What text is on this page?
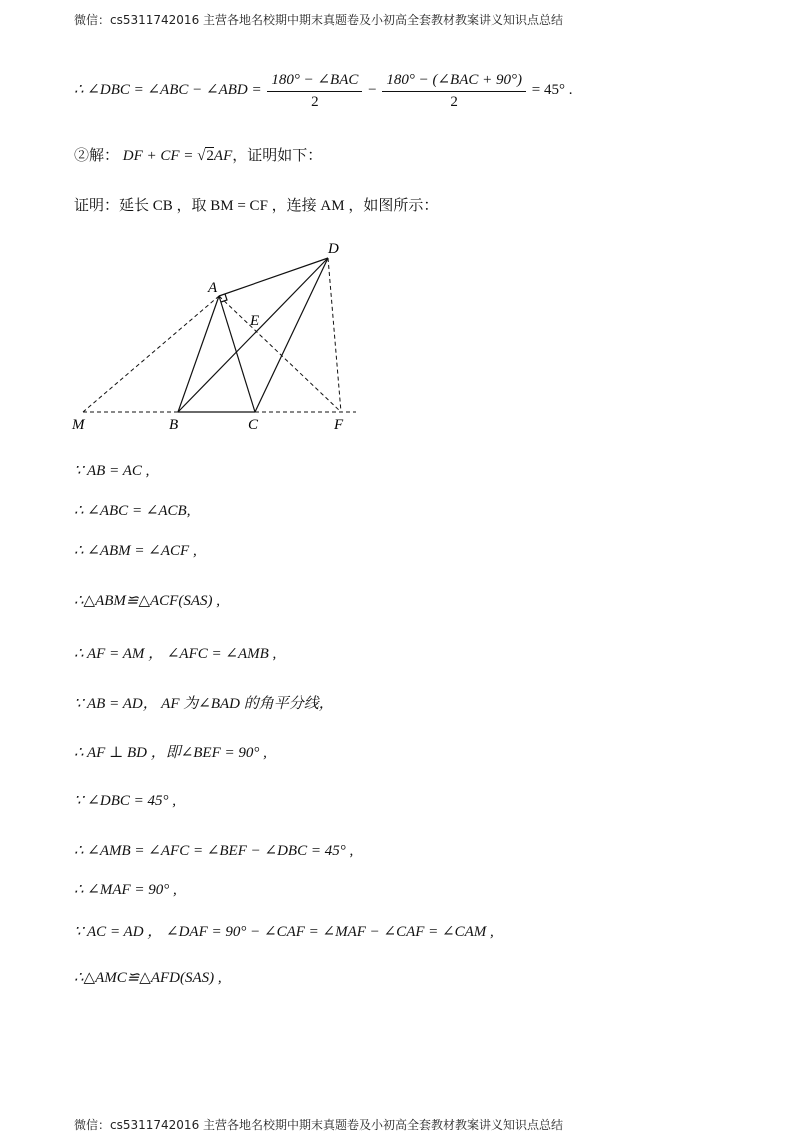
微信：cs5311742016 主营各地名校期中期末真题卷及小初高全套教材教案讲义知识点总结
∴ ∠DBC = ∠ABC − ∠ABD = $\frac{\text{180° − ∠BAC}}{2} - \frac{\text{180° − (∠BAC + 90°)}}{2} = 45^\circ$ .
②解： DF + CF = √2AF，证明如下：
证明：延长 CB ，取 BM = CF ，连接 AM ，如图所示：
A
D
E
M	B	C	F
∵ AB = AC ,
∴ ∠ABC = ∠ACB,
∴ ∠ABM = ∠ACF ,
∴△ABM≌△ACF(SAS) ,
∴ AF = AM ， ∠AFC = ∠AMB ,
∵ AB = AD， AF 为∠BAD 的角平分线，
∴ AF ⊥ BD ，即∠BEF = 90° ,
∵ ∠DBC = 45° ,
∴ ∠AMB = ∠AFC = ∠BEF − ∠DBC = 45° ,
∴ ∠MAF = 90° ,
∵ AC = AD ， ∠DAF = 90° − ∠CAF = ∠MAF − ∠CAF = ∠CAM ,
∴△AMC≌△AFD(SAS) ,
微信：cs5311742016 主营各地名校期中期末真题卷及小初高全套教材教案讲义知识点总结
